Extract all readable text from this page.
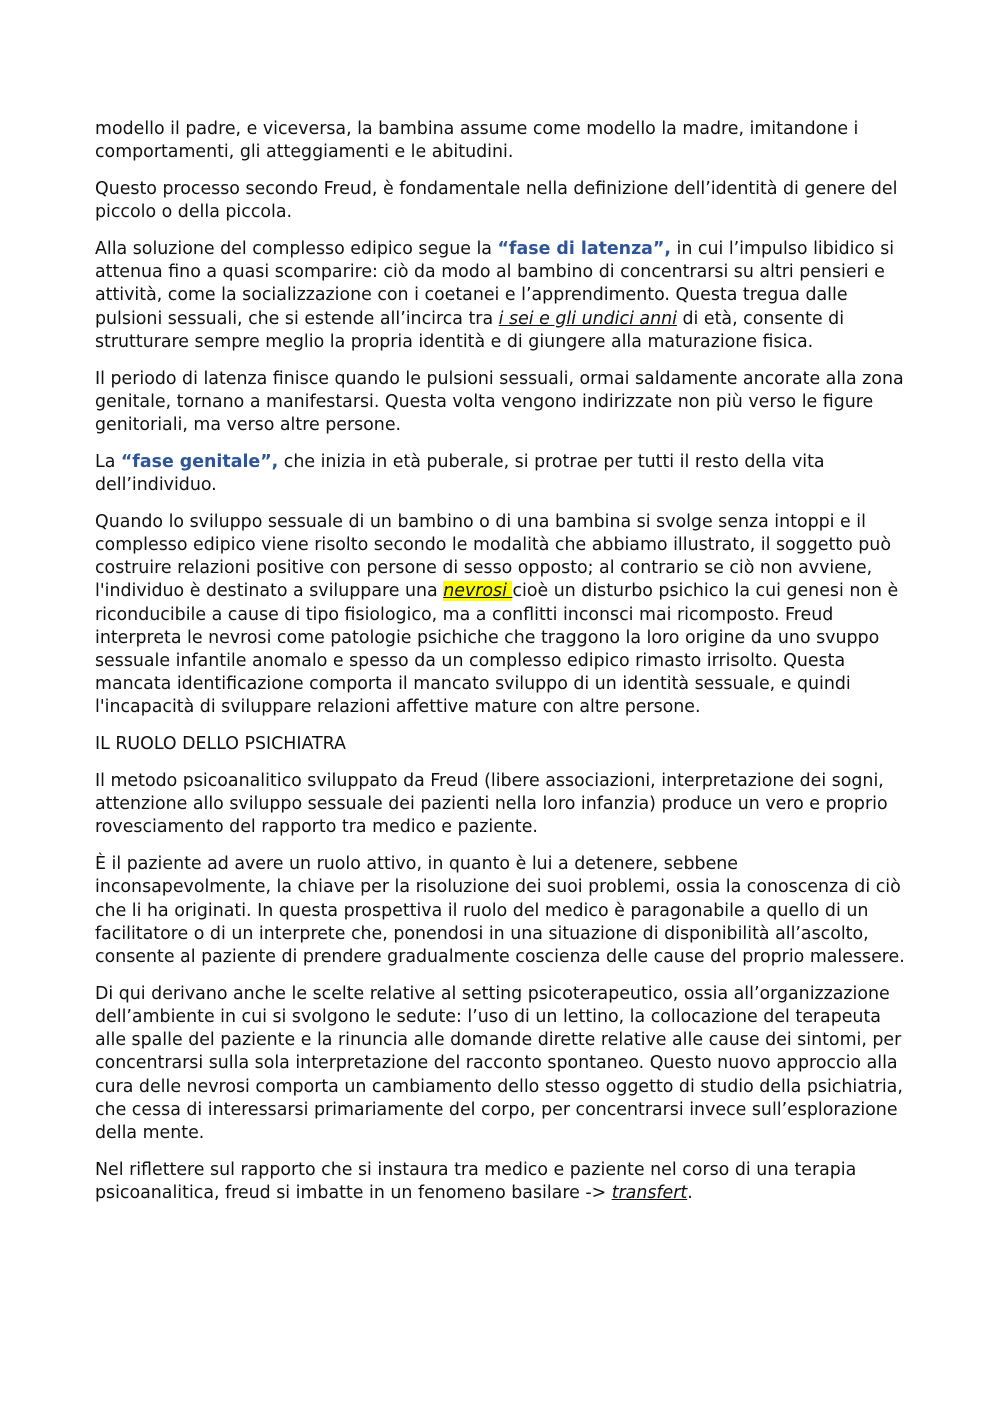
modello il padre, e viceversa, la bambina assume come modello la madre, imitandone i comportamenti, gli atteggiamenti e le abitudini.

Questo processo secondo Freud, è fondamentale nella definizione dell’identità di genere del piccolo o della piccola.

Alla soluzione del complesso edipico segue la “fase di latenza”, in cui l’impulso libidico si attenua fino a quasi scomparire: ciò da modo al bambino di concentrarsi su altri pensieri e attività, come la socializzazione con i coetanei e l’apprendimento. Questa tregua dalle pulsioni sessuali, che si estende all’incirca tra i sei e gli undici anni di età, consente di strutturare sempre meglio la propria identità e di giungere alla maturazione fisica.

Il periodo di latenza finisce quando le pulsioni sessuali, ormai saldamente ancorate alla zona genitale, tornano a manifestarsi. Questa volta vengono indirizzate non più verso le figure genitoriali, ma verso altre persone.

La “fase genitale”, che inizia in età puberale, si protrae per tutti il resto della vita dell’individuo.

Quando lo sviluppo sessuale di un bambino o di una bambina si svolge senza intoppi e il complesso edipico viene risolto secondo le modalità che abbiamo illustrato, il soggetto può costruire relazioni positive con persone di sesso opposto; al contrario se ciò non avviene, l'individuo è destinato a sviluppare una nevrosi cioè un disturbo psichico la cui genesi non è riconducibile a cause di tipo fisiologico, ma a conflitti inconsci mai ricomposto. Freud interpreta le nevrosi come patologie psichiche che traggono la loro origine da uno svuppo sessuale infantile anomalo e spesso da un complesso edipico rimasto irrisolto. Questa mancata identificazione comporta il mancato sviluppo di un identità sessuale, e quindi l'incapacità di sviluppare relazioni affettive mature con altre persone.

IL RUOLO DELLO PSICHIATRA

Il metodo psicoanalitico sviluppato da Freud (libere associazioni, interpretazione dei sogni, attenzione allo sviluppo sessuale dei pazienti nella loro infanzia) produce un vero e proprio rovesciamento del rapporto tra medico e paziente.

È il paziente ad avere un ruolo attivo, in quanto è lui a detenere, sebbene inconsapevolmente, la chiave per la risoluzione dei suoi problemi, ossia la conoscenza di ciò che li ha originati. In questa prospettiva il ruolo del medico è paragonabile a quello di un facilitatore o di un interprete che, ponendosi in una situazione di disponibilità all’ascolto, consente al paziente di prendere gradualmente coscienza delle cause del proprio malessere.

Di qui derivano anche le scelte relative al setting psicoterapeutico, ossia all’organizzazione dell’ambiente in cui si svolgono le sedute: l’uso di un lettino, la collocazione del terapeuta alle spalle del paziente e la rinuncia alle domande dirette relative alle cause dei sintomi, per concentrarsi sulla sola interpretazione del racconto spontaneo. Questo nuovo approccio alla cura delle nevrosi comporta un cambiamento dello stesso oggetto di studio della psichiatria, che cessa di interessarsi primariamente del corpo, per concentrarsi invece sull’esplorazione della mente.

Nel riflettere sul rapporto che si instaura tra medico e paziente nel corso di una terapia psicoanalitica, freud si imbatte in un fenomeno basilare -> transfert.
